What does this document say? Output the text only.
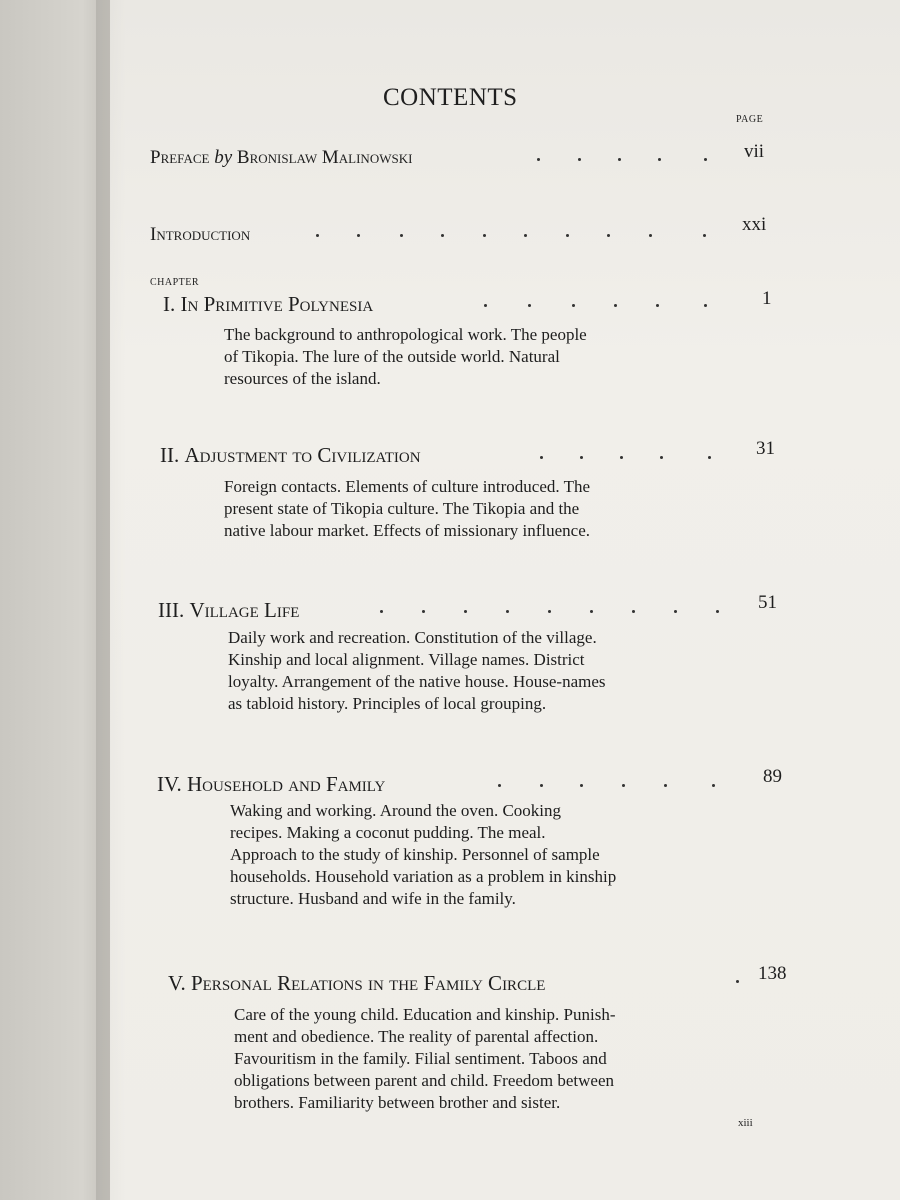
CONTENTS
PAGE
Preface by Bronislaw Malinowski	vii
Introduction	xxi
CHAPTER
I. In Primitive Polynesia	1
The background to anthropological work. The people
of Tikopia. The lure of the outside world. Natural
resources of the island.
II. Adjustment to Civilization	31
Foreign contacts. Elements of culture introduced. The
present state of Tikopia culture. The Tikopia and the
native labour market. Effects of missionary influence.
III. Village Life	51
Daily work and recreation. Constitution of the village.
Kinship and local alignment. Village names. District
loyalty. Arrangement of the native house. House-names
as tabloid history. Principles of local grouping.
IV. Household and Family	89
Waking and working. Around the oven. Cooking
recipes. Making a coconut pudding. The meal.
Approach to the study of kinship. Personnel of sample
households. Household variation as a problem in kinship
structure. Husband and wife in the family.
V. Personal Relations in the Family Circle	138
Care of the young child. Education and kinship. Punish-
ment and obedience. The reality of parental affection.
Favouritism in the family. Filial sentiment. Taboos and
obligations between parent and child. Freedom between
brothers. Familiarity between brother and sister.
xiii
